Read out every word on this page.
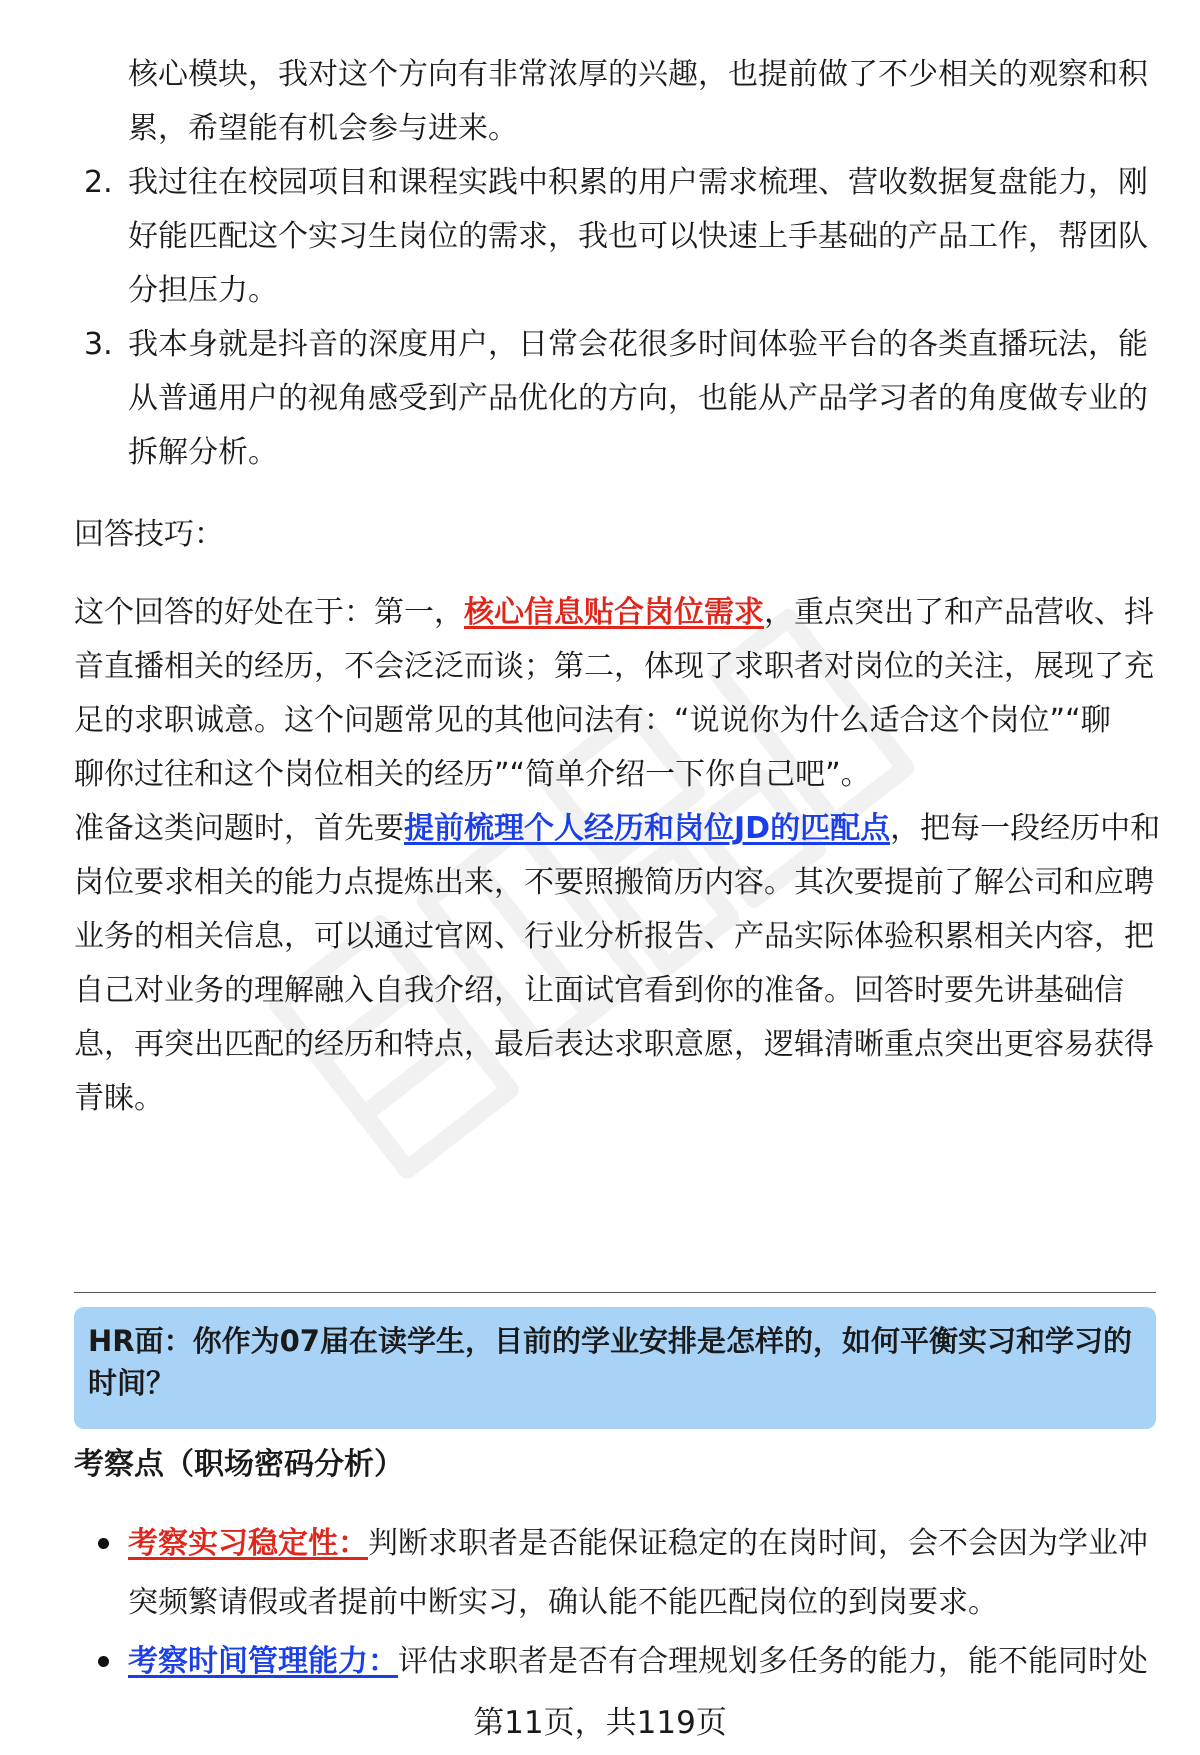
核心模块，我对这个方向有非常浓厚的兴趣，也提前做了不少相关的观察和积
累，希望能有机会参与进来。
2. 我过往在校园项目和课程实践中积累的用户需求梳理、营收数据复盘能力，刚
好能匹配这个实习生岗位的需求，我也可以快速上手基础的产品工作，帮团队
分担压力。
3. 我本身就是抖音的深度用户，日常会花很多时间体验平台的各类直播玩法，能
从普通用户的视角感受到产品优化的方向，也能从产品学习者的角度做专业的
拆解分析。
回答技巧：
这个回答的好处在于：第一，核心信息贴合岗位需求，重点突出了和产品营收、抖
音直播相关的经历，不会泛泛而谈；第二，体现了求职者对岗位的关注，展现了充
足的求职诚意。这个问题常见的其他问法有：“说说你为什么适合这个岗位”“聊
聊你过往和这个岗位相关的经历”“简单介绍一下你自己吧”。
准备这类问题时，首先要提前梳理个人经历和岗位JD的匹配点，把每一段经历中和
岗位要求相关的能力点提炼出来，不要照搬简历内容。其次要提前了解公司和应聘
业务的相关信息，可以通过官网、行业分析报告、产品实际体验积累相关内容，把
自己对业务的理解融入自我介绍，让面试官看到你的准备。回答时要先讲基础信
息，再突出匹配的经历和特点，最后表达求职意愿，逻辑清晰重点突出更容易获得
青睐。
HR面：你作为07届在读学生，目前的学业安排是怎样的，如何平衡实习和学习的时间？
考察点（职场密码分析）
考察实习稳定性：判断求职者是否能保证稳定的在岗时间，会不会因为学业冲
突频繁请假或者提前中断实习，确认能不能匹配岗位的到岗要求。
考察时间管理能力：评估求职者是否有合理规划多任务的能力，能不能同时处
第11页，共119页
